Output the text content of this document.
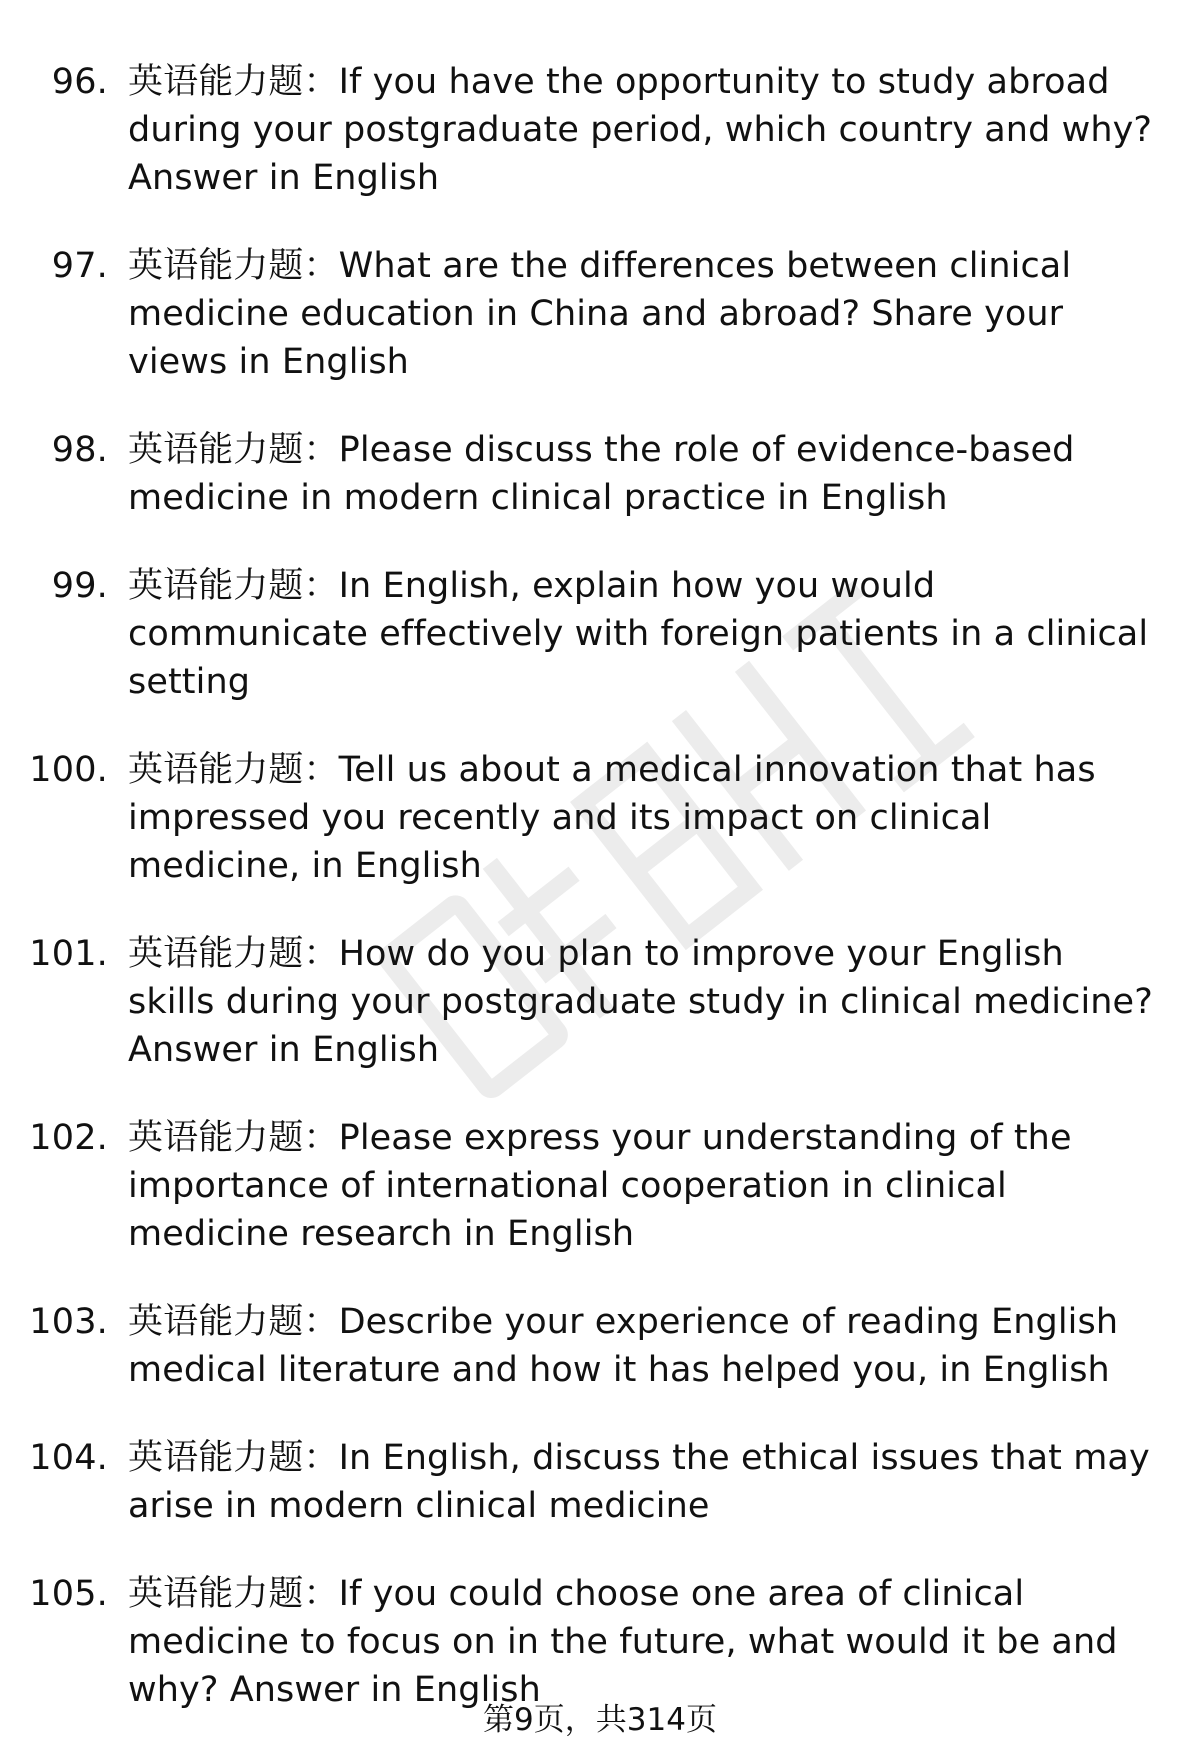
96. 英语能力题：If you have the opportunity to study abroad during your postgraduate period, which country and why? Answer in English
97. 英语能力题：What are the differences between clinical medicine education in China and abroad? Share your views in English
98. 英语能力题：Please discuss the role of evidence-based medicine in modern clinical practice in English
99. 英语能力题：In English, explain how you would communicate effectively with foreign patients in a clinical setting
100. 英语能力题：Tell us about a medical innovation that has impressed you recently and its impact on clinical medicine, in English
101. 英语能力题：How do you plan to improve your English skills during your postgraduate study in clinical medicine? Answer in English
102. 英语能力题：Please express your understanding of the importance of international cooperation in clinical medicine research in English
103. 英语能力题：Describe your experience of reading English medical literature and how it has helped you, in English
104. 英语能力题：In English, discuss the ethical issues that may arise in modern clinical medicine
105. 英语能力题：If you could choose one area of clinical medicine to focus on in the future, what would it be and why? Answer in English
第9页，共314页
